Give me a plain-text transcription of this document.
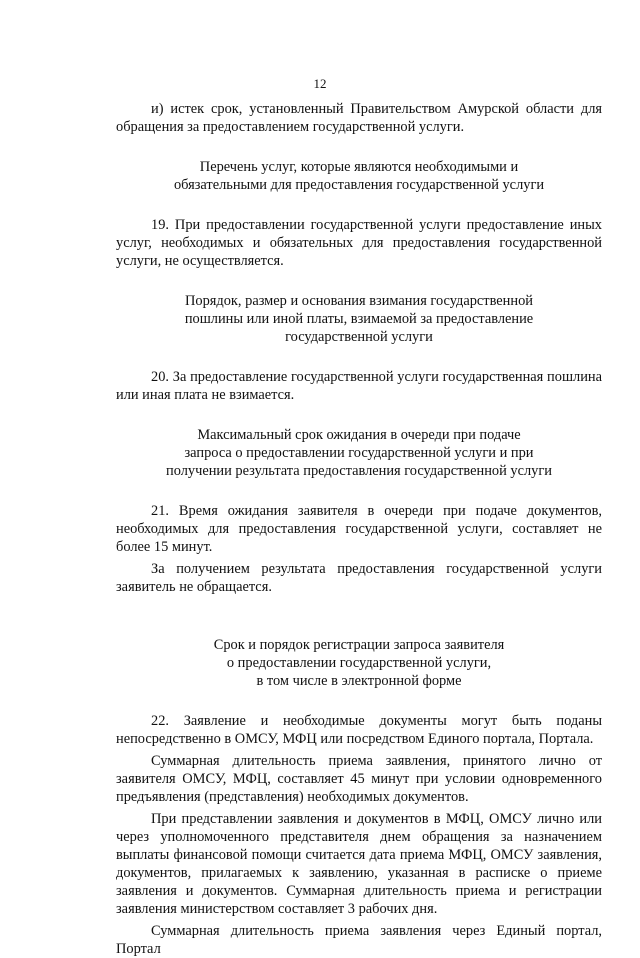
12
и) истек срок, установленный Правительством Амурской области для обращения за предоставлением государственной услуги.
Перечень услуг, которые являются необходимыми и
обязательными для предоставления государственной услуги
19. При предоставлении государственной услуги предоставление иных услуг, необходимых и обязательных для предоставления государственной услуги, не осуществляется.
Порядок, размер и основания взимания государственной
пошлины или иной платы, взимаемой за предоставление
государственной услуги
20. За предоставление государственной услуги государственная пошлина или иная плата не взимается.
Максимальный срок ожидания в очереди при подаче
запроса о предоставлении государственной услуги и при
получении результата предоставления государственной услуги
21. Время ожидания заявителя в очереди при подаче документов, необходимых для предоставления государственной услуги, составляет не более 15 минут.
За получением результата предоставления государственной услуги заявитель не обращается.
Срок и порядок регистрации запроса заявителя
о предоставлении государственной услуги,
в том числе в электронной форме
22. Заявление и необходимые документы могут быть поданы непосредственно в ОМСУ, МФЦ или посредством Единого портала, Портала.
Суммарная длительность приема заявления, принятого лично от заявителя ОМСУ, МФЦ, составляет 45 минут при условии одновременного предъявления (представления) необходимых документов.
При представлении заявления и документов в МФЦ, ОМСУ лично или через уполномоченного представителя днем обращения за назначением выплаты финансовой помощи считается дата приема МФЦ, ОМСУ заявления, документов, прилагаемых к заявлению, указанная в расписке о приеме заявления и документов. Суммарная длительность приема и регистрации заявления министерством составляет 3 рабочих дня.
Суммарная длительность приема заявления через Единый портал, Портал
